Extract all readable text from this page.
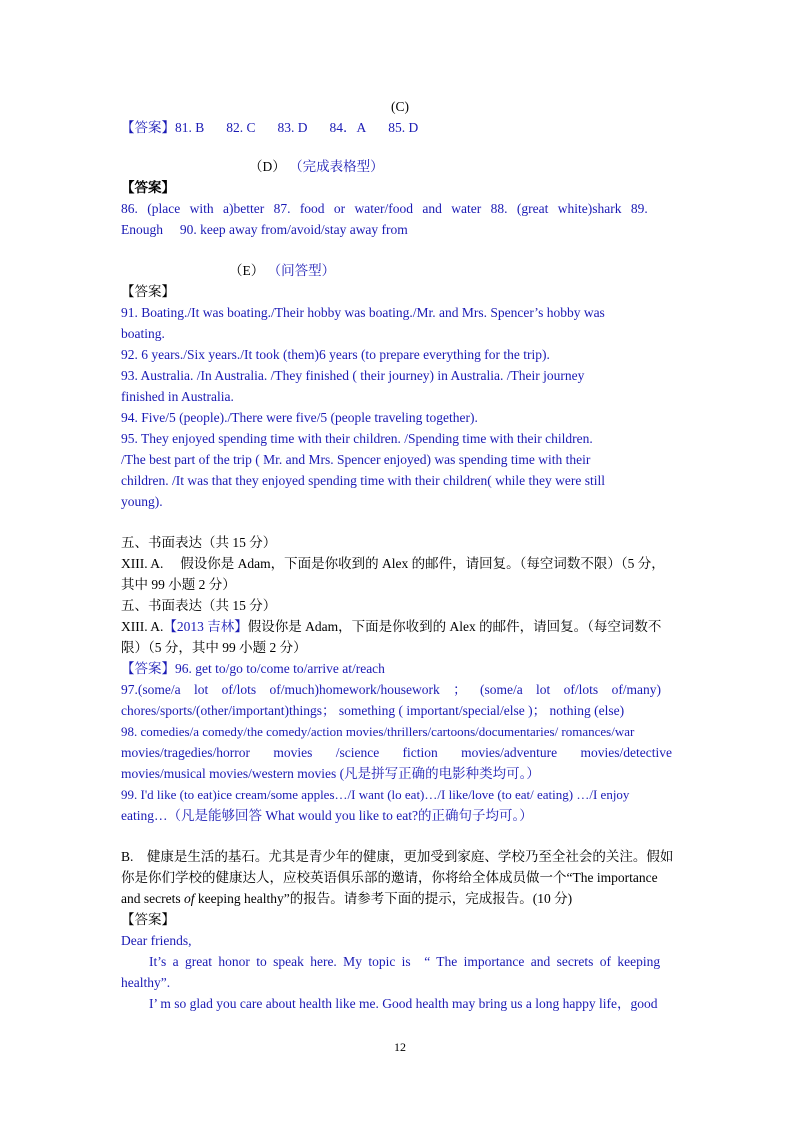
(C)

【答案】81. B 82. C 83. D 84．A 85. D

（D） （完成表格型）

【答案】

86. (place with a)better 87. food or water/food and water 88. (great white)shark 89.

Enough　 90. keep away from/avoid/stay away from

（E） （问答型）

【答案】

91. Boating./It was boating./Their hobby was boating./Mr. and Mrs. Spencer’s hobby was

boating.

92. 6 years./Six years./It took (them)6 years (to prepare everything for the trip).

93. Australia. /In Australia. /They finished ( their journey) in Australia. /Their journey

finished in Australia.

94. Five/5 (people)./There were five/5 (people traveling together).

95. They enjoyed spending time with their children. /Spending time with their children.

/The best part of the trip ( Mr. and Mrs. Spencer enjoyed) was spending time with their

children. /It was that they enjoyed spending time with their children( while they were still

young).

五、书面表达（共 15 分）

XIII. A.　 假设你是 Adam，下面是你收到的 Alex 的邮件，请回复。（每空词数不限）（5 分，

其中 99 小题 2 分）

五、书面表达（共 15 分）

XIII. A.【2013 吉林】假设你是 Adam，下面是你收到的 Alex 的邮件，请回复。（每空词数不

限）（5 分，其中 99 小题 2 分）

【答案】96. get to/go to/come to/arrive at/reach

97.(some/a lot of/lots of/much)homework/housework ； (some/a lot of/lots of/many)

chores/sports/(other/important)things； something ( important/special/else )； nothing (else)

98. comedies/a comedy/the comedy/action movies/thrillers/cartoons/documentaries/ romances/war

movies/tragedies/horror movies /science fiction movies/adventure movies/detective

movies/musical movies/western movies (凡是拼写正确的电影种类均可。）

99. I'd like (to eat)ice cream/some apples…/I want (lo eat)…/I like/love (to eat/ eating) …/I enjoy

eating…（凡是能够回答 What would you like to eat?的正确句子均可。）

B.　健康是生活的基石。尤其是青少年的健康，更加受到家庭、学校乃至全社会的关注。假如

你是你们学校的健康达人，应校英语俱乐部的邀请，你将给全体成员做一个“The importance

and secrets of keeping healthy”的报告。请参考下面的提示，完成报告。(10 分)

【答案】

Dear friends,

It’s a great honor to speak here. My topic is　“ The importance and secrets of keeping

healthy”.

I’ m so glad you care about health like me. Good health may bring us a long happy life，good

12
